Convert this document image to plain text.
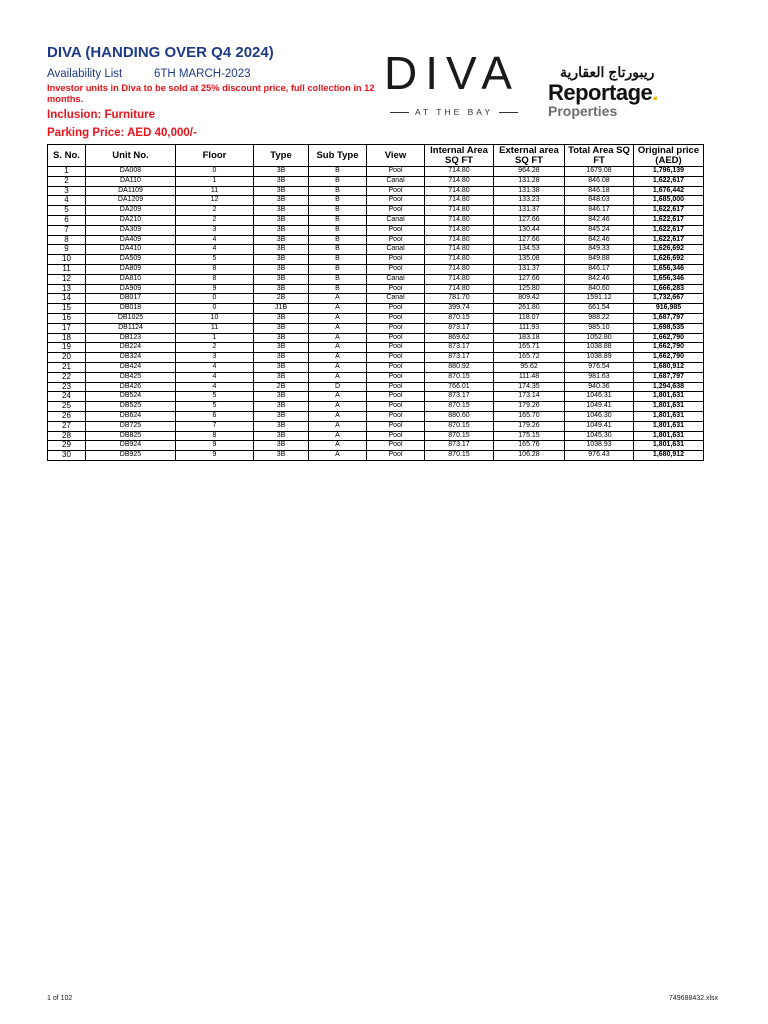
DIVA (HANDING OVER Q4 2024)
Availability List	6TH MARCH-2023
Investor units in Diva to be sold at 25% discount price, full collection in 12 months.
Inclusion: Furniture
Parking Price: AED 40,000/-
DIVA
AT THE BAY
ريبورتاج العقارية
Reportage.
Properties
S. No.	Unit No.	Floor	Type	Sub Type	View	Internal Area SQ FT	External area SQ FT	Total Area SQ FT	Original price (AED)
1	DA008	0	3B	B	Pool	714.80	964.28	1679.08	1,796,139
2	DA110	1	3B	B	Canal	714.80	131.28	846.08	1,622,617
3	DA1109	11	3B	B	Pool	714.80	131.38	846.18	1,676,442
4	DA1209	12	3B	B	Pool	714.80	133.23	848.03	1,685,000
5	DA209	2	3B	B	Pool	714.80	131.37	846.17	1,622,617
6	DA210	2	3B	B	Canal	714.80	127.66	842.46	1,622,617
7	DA309	3	3B	B	Pool	714.80	130.44	845.24	1,622,617
8	DA409	4	3B	B	Pool	714.80	127.66	842.46	1,622,617
9	DA410	4	3B	B	Canal	714.80	134.53	849.33	1,626,692
10	DA509	5	3B	B	Pool	714.80	135.08	849.88	1,626,692
11	DA809	8	3B	B	Pool	714.80	131.37	846.17	1,656,346
12	DA810	8	3B	B	Canal	714.80	127.66	842.46	1,656,346
13	DA909	9	3B	B	Pool	714.80	125.80	840.60	1,666,283
14	DB017	0	2B	A	Canal	781.70	809.42	1591.12	1,732,667
15	DB018	0	J1B	A	Pool	399.74	261.80	661.54	916,985
16	DB1025	10	3B	A	Pool	870.15	118.07	988.22	1,687,797
17	DB1124	11	3B	A	Pool	873.17	111.93	985.10	1,698,535
18	DB123	1	3B	A	Pool	869.62	183.18	1052.80	1,662,790
19	DB224	2	3B	A	Pool	873.17	165.71	1038.88	1,662,790
20	DB324	3	3B	A	Pool	873.17	165.72	1038.89	1,662,790
21	DB424	4	3B	A	Pool	880.92	95.62	976.54	1,680,912
22	DB425	4	3B	A	Pool	870.15	111.48	981.63	1,687,797
23	DB426	4	2B	D	Pool	766.01	174.35	940.36	1,294,638
24	DB524	5	3B	A	Pool	873.17	173.14	1046.31	1,801,631
25	DB525	5	3B	A	Pool	870.15	179.26	1049.41	1,801,631
26	DB624	6	3B	A	Pool	880.60	165.70	1046.30	1,801,631
27	DB725	7	3B	A	Pool	870.15	179.26	1049.41	1,801,631
28	DB825	8	3B	A	Pool	870.15	175.15	1045.30	1,801,631
29	DB924	9	3B	A	Pool	873.17	165.76	1038.93	1,801,631
30	DB925	9	3B	A	Pool	870.15	106.28	976.43	1,680,912
1 of 102	749688432.xlsx
